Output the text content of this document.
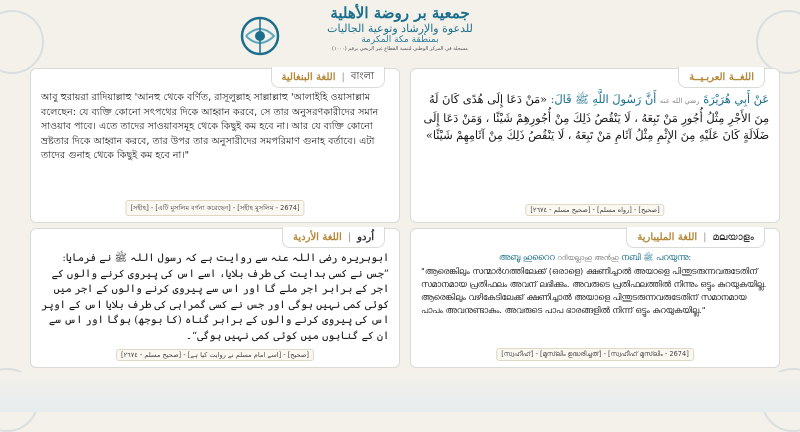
جمعية بر روضة الأهلية
للدعوة والإرشاد وتوعية الجاليات
بمنطقة مكة المكرمة
مسجلة في المركز الوطني لتنمية القطاع غير الربحي برقم (١٠٠٠)
اللغــة العربـيــة
عَنْ أَبِي هُرَيْرَةَ رضي الله عنه أَنَّ رَسُولَ اللَّهِ ﷺ قَالَ: «مَنْ دَعَا إِلَى هُدًى كَانَ لَهُ مِنَ الأَجْرِ مِثْلُ أُجُورِ مَنْ تَبِعَهُ ، لَا يَنْقُصُ ذَلِكَ مِنْ أُجُورِهِمْ شَيْئًا ، وَمَنْ دَعَا إِلَى ضَلَالَةٍ كَانَ عَلَيْهِ مِنَ الإِثْمِ مِثْلُ آثَامِ مَنْ تَبِعَهُ ، لَا يَنْقُصُ ذَلِكَ مِنْ آثَامِهِمْ شَيْئًا»
[صحيح] - [رواه مسلم] - [صحيح مسلم - ٢٦٧٤]
اللغة البنغالية | বাংলা
আবু হুরায়রা রাদিয়াল্লাহু 'আনহু থেকে বর্ণিত, রাসূলুল্লাহ সাল্লাল্লাহু 'আলাইহি ওয়াসাল্লাম বলেছেন: যে ব্যক্তি কোনো সৎপথের দিকে আহ্বান করবে, সে তার অনুসরণকারীদের সমান সাওয়াব পাবে। এতে তাদের সাওয়াবসমূহ থেকে কিছুই কম হবে না। আর যে ব্যক্তি কোনো ভ্রষ্টতার দিকে আহ্বান করবে, তার উপর তার অনুসারীদের সমপরিমাণ গুনাহ বর্তাবে। এটা তাদের গুনাহ থেকে কিছুই কম হবে না।"
[সহীহ] - [এটি মুসলিম বর্ণনা করেছেন] - [সহীহ মুসলিম - 2674]
اللغة المليبارية | മലയാളം
അബൂ ഹുറൈറ റദിയല്ലാഹു അൻഹു നബി ﷺ പറയുന്നു:
"ആരെങ്കിലും സന്മാർഗത്തിലേക്ക് (ഒരാളെ) ക്ഷണിച്ചാൽ അയാളെ പിന്തുടരുന്നവരുടേതിന് സമാനമായ പ്രതിഫലം അവന് ലഭിക്കും. അവരുടെ പ്രതിഫലത്തിൽ നിന്നും ഒട്ടും കുറയുകയില്ല. ആരെങ്കിലും വഴികേടിലേക്ക് ക്ഷണിച്ചാൽ അയാളെ പിന്തുടരുന്നവരുടേതിന് സമാനമായ പാപം അവനുണ്ടാകും. അവരുടെ പാപ ഭാരങ്ങളിൽ നിന്ന് ഒട്ടും കുറയുകയില്ല."
[സ്വഹീഹ്] - [മുസ്‌ലിം ഉദ്ധരിച്ചത്] - [സ്വഹീഹ് മുസ്‌ലിം - 2674]
اللغة الأردية | اُردو
ابوہریرہ رضی اللہ عنہ سے روایت ہے کہ رسول اللہ ﷺ نے فرمایا: ”جس نے کسی ہدایت کی طرف بلایا، اسے اس کی پیروی کرنے والوں کے اجر کے برابر اجر ملے گا اور اس سے پیروی کرنے والوں کے اجر میں کوئی کمی نہیں ہوگی اور جس نے کسی گمراہی کی طرف بلایا اس کے اوپر اس کی پیروی کرنے والوں کے برابر گناہ (کا بوجھ) ہوگا اور اس سے ان کے گناہوں میں کوئی کمی نہیں ہوگی“۔
[صحیح] - [اسے امام مسلم نے روایت کیا ہے] - [صحيح مسلم - ٢٦٧٤]
